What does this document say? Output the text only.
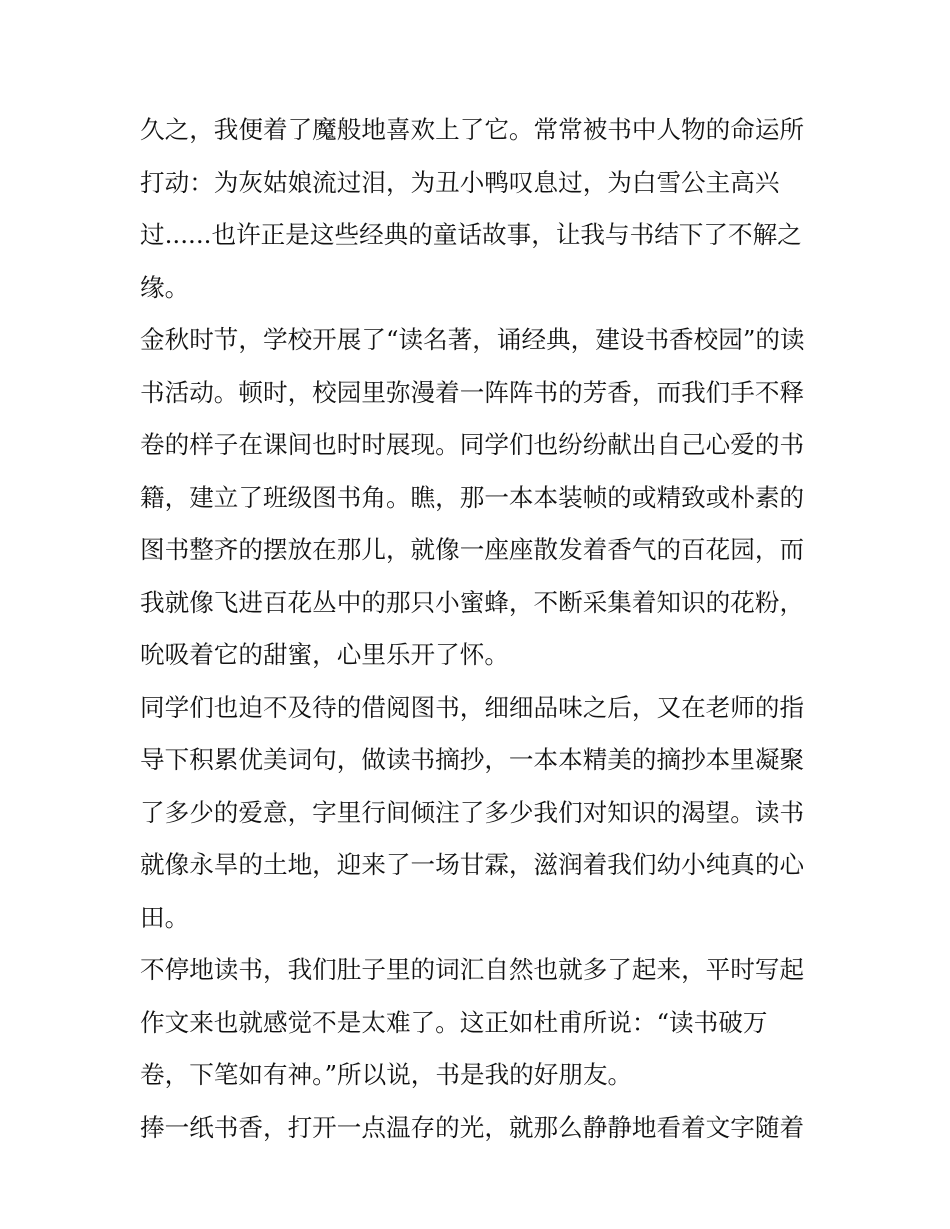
久之，我便着了魔般地喜欢上了它。常常被书中人物的命运所
打动：为灰姑娘流过泪，为丑小鸭叹息过，为白雪公主高兴
过......也许正是这些经典的童话故事，让我与书结下了不解之
缘。

金秋时节，学校开展了“读名著，诵经典，建设书香校园”的读
书活动。顿时，校园里弥漫着一阵阵书的芳香，而我们手不释
卷的样子在课间也时时展现。同学们也纷纷献出自己心爱的书
籍，建立了班级图书角。瞧，那一本本装帧的或精致或朴素的
图书整齐的摆放在那儿，就像一座座散发着香气的百花园，而
我就像飞进百花丛中的那只小蜜蜂，不断采集着知识的花粉，
吮吸着它的甜蜜，心里乐开了怀。

同学们也迫不及待的借阅图书，细细品味之后，又在老师的指
导下积累优美词句，做读书摘抄，一本本精美的摘抄本里凝聚
了多少的爱意，字里行间倾注了多少我们对知识的渴望。读书
就像永旱的土地，迎来了一场甘霖，滋润着我们幼小纯真的心
田。

不停地读书，我们肚子里的词汇自然也就多了起来，平时写起
作文来也就感觉不是太难了。这正如杜甫所说：“读书破万
卷，下笔如有神。”所以说，书是我的好朋友。

捧一纸书香，打开一点温存的光，就那么静静地看着文字随着
